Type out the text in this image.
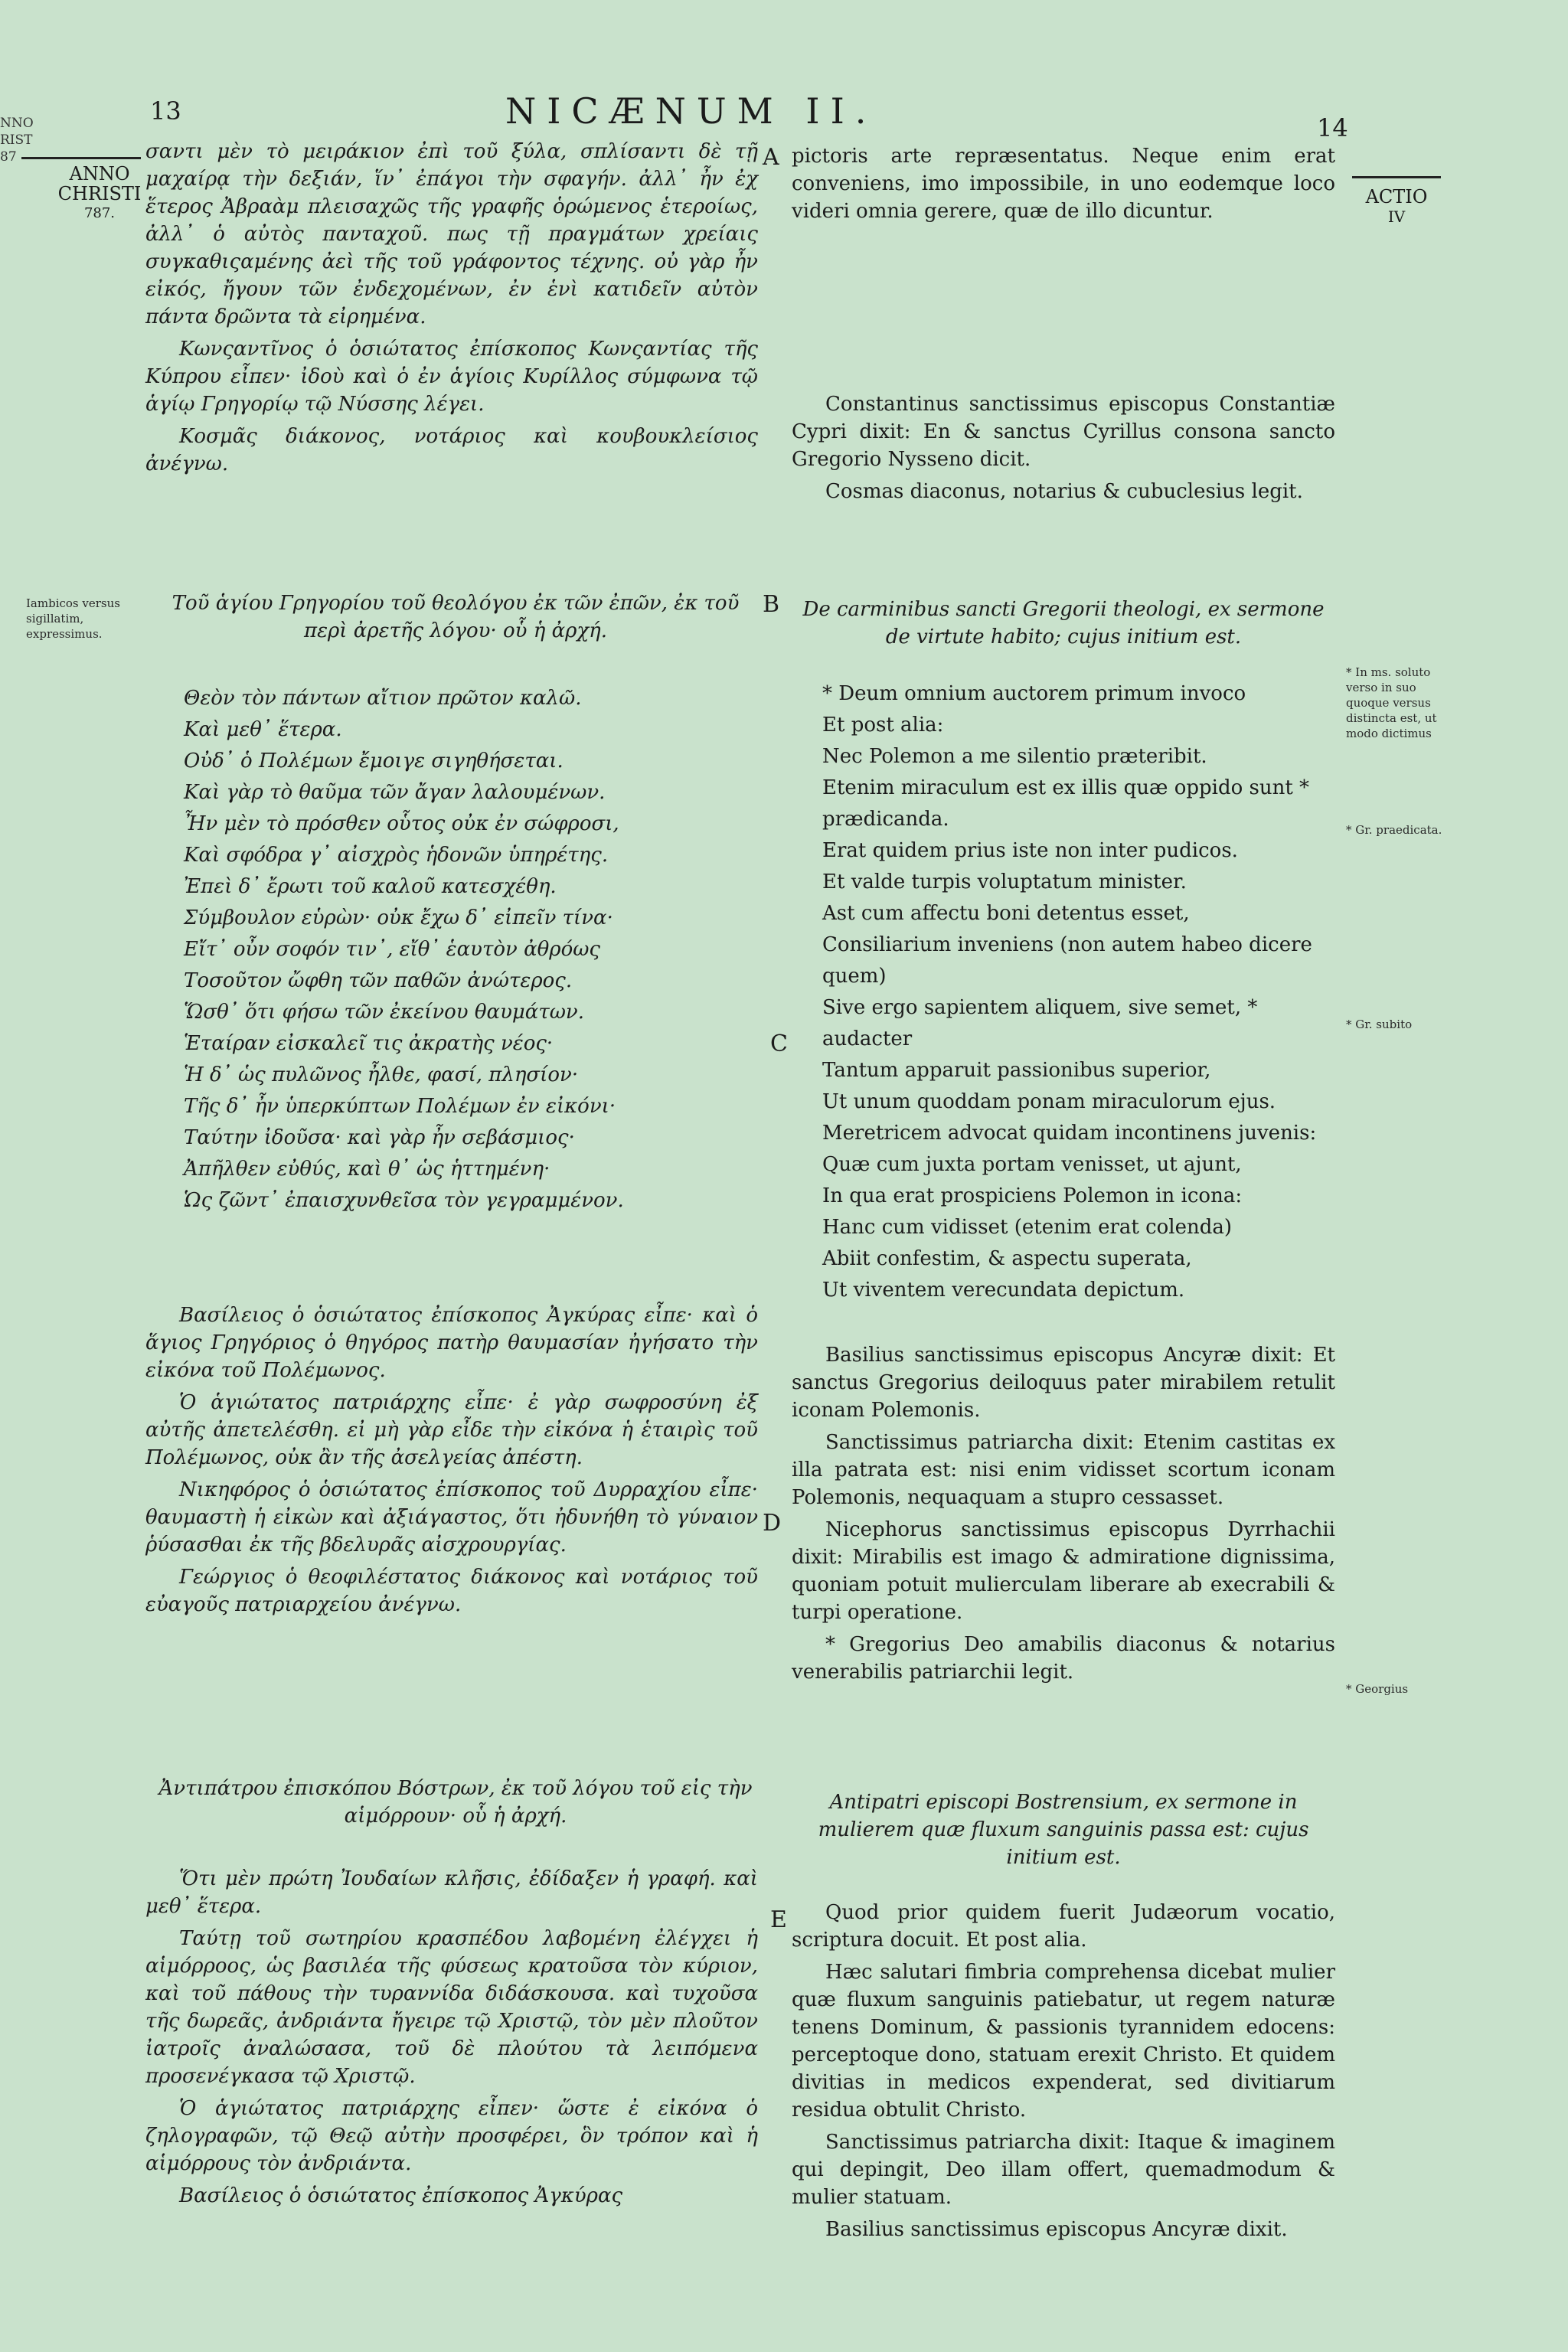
NNO
RIST
87
13	NICÆNUM II.	14
ANNO
CHRISTI
787.
Iambicos versus sigillatim, expressimus.
ACTIO
IV
* In ms. soluto verso in suo quoque versus distincta est, ut modo dictimus
* Gr. praedicata.
* Gr. subito
* Georgius
A
B
C
D
E

σαντι μὲν τὸ μειράκιον ἐπὶ τοῦ ξύλα, σπλίσαντι δὲ τῇ μαχαίρᾳ τὴν δεξιάν, ἵν᾽ ἐπάγοι τὴν σφαγήν. ἀλλ᾽ ἦν ἐχ ἕτερος Ἀβραὰμ πλεισαχῶς τῆς γραφῆς ὁρώμενος ἑτεροίως, ἀλλ᾽ ὁ αὐτὸς πανταχοῦ. πως τῇ πραγμάτων χρείαις συγκαθιςαμένης ἀεὶ τῆς τοῦ γράφοντος τέχνης. οὐ γὰρ ἦν εἰκός, ἤγουν τῶν ἐνδεχομένων, ἐν ἑνὶ κατιδεῖν αὐτὸν πάντα δρῶντα τὰ εἰρημένα.

Κωνςαντῖνος ὁ ὁσιώτατος ἐπίσκοπος Κωνςαντίας τῆς Κύπρου εἶπεν· ἰδοὺ καὶ ὁ ἐν ἁγίοις Κυρίλλος σύμφωνα τῷ ἁγίῳ Γρηγορίῳ τῷ Νύσσης λέγει.

Κοσμᾶς διάκονος, νοτάριος καὶ κουβουκλείσιος ἀνέγνω.

Τοῦ ἁγίου Γρηγορίου τοῦ θεολόγου ἐκ τῶν ἐπῶν, ἐκ τοῦ περὶ ἀρετῆς λόγου· οὗ ἡ ἀρχή.
Θεὸν τὸν πάντων αἴτιον πρῶτον καλῶ.
Καὶ μεθ᾽ ἕτερα.
Οὐδ᾽ ὁ Πολέμων ἔμοιγε σιγηθήσεται.
Καὶ γὰρ τὸ θαῦμα τῶν ἄγαν λαλουμένων.
Ἦν μὲν τὸ πρόσθεν οὗτος οὐκ ἐν σώφροσι,
Καὶ σφόδρα γ᾽ αἰσχρὸς ἡδονῶν ὑπηρέτης.
Ἐπεὶ δ᾽ ἔρωτι τοῦ καλοῦ κατεσχέθη.
Σύμβουλον εὑρὼν· οὐκ ἔχω δ᾽ εἰπεῖν τίνα·
Εἴτ᾽ οὖν σοφόν τιν᾽, εἴθ᾽ ἑαυτὸν ἀθρόως
Τοσοῦτον ὤφθη τῶν παθῶν ἀνώτερος.
Ὥσθ᾽ ὅτι φήσω τῶν ἐκείνου θαυμάτων.
Ἑταίραν εἰσκαλεῖ τις ἀκρατὴς νέος·
Ἡ δ᾽ ὡς πυλῶνος ἦλθε, φασί, πλησίον·
Τῆς δ᾽ ἦν ὑπερκύπτων Πολέμων ἐν εἰκόνι·
Ταύτην ἰδοῦσα· καὶ γὰρ ἦν σεβάσμιος·
Ἀπῆλθεν εὐθύς, καὶ θ᾽ ὡς ἡττημένη·
Ὡς ζῶντ᾽ ἐπαισχυνθεῖσα τὸν γεγραμμένον.

Βασίλειος ὁ ὁσιώτατος ἐπίσκοπος Ἀγκύρας εἶπε· καὶ ὁ ἅγιος Γρηγόριος ὁ θηγόρος πατὴρ θαυμασίαν ἠγήσατο τὴν εἰκόνα τοῦ Πολέμωνος.

Ὁ ἁγιώτατος πατριάρχης εἶπε· ἐ γὰρ σωφροσύνη ἐξ αὐτῆς ἀπετελέσθη. εἰ μὴ γὰρ εἶδε τὴν εἰκόνα ἡ ἑταιρὶς τοῦ Πολέμωνος, οὐκ ἂν τῆς ἀσελγείας ἀπέστη.

Νικηφόρος ὁ ὁσιώτατος ἐπίσκοπος τοῦ Δυρραχίου εἶπε· θαυμαστὴ ἡ εἰκὼν καὶ ἀξιάγαστος, ὅτι ἠδυνήθη τὸ γύναιον ῥύσασθαι ἐκ τῆς βδελυρᾶς αἰσχρουργίας.

Γεώργιος ὁ θεοφιλέστατος διάκονος καὶ νοτάριος τοῦ εὐαγοῦς πατριαρχείου ἀνέγνω.

Ἀντιπάτρου ἐπισκόπου Βόστρων, ἐκ τοῦ λόγου τοῦ εἰς τὴν αἱμόρρουν· οὗ ἡ ἀρχή.

Ὅτι μὲν πρώτη Ἰουδαίων κλῆσις, ἐδίδαξεν ἡ γραφή. καὶ μεθ᾽ ἕτερα.

Ταύτῃ τοῦ σωτηρίου κρασπέδου λαβομένη ἐλέγχει ἡ αἱμόρροος, ὡς βασιλέα τῆς φύσεως κρατοῦσα τὸν κύριον, καὶ τοῦ πάθους τὴν τυραννίδα διδάσκουσα. καὶ τυχοῦσα τῆς δωρεᾶς, ἀνδριάντα ἤγειρε τῷ Χριστῷ, τὸν μὲν πλοῦτον ἰατροῖς ἀναλώσασα, τοῦ δὲ πλούτου τὰ λειπόμενα προσενέγκασα τῷ Χριστῷ.

Ὁ ἁγιώτατος πατριάρχης εἶπεν· ὥστε ἐ εἰκόνα ὁ ζηλογραφῶν, τῷ Θεῷ αὐτὴν προσφέρει, ὃν τρόπον καὶ ἡ αἱμόρρους τὸν ἀνδριάντα.

Βασίλειος ὁ ὁσιώτατος ἐπίσκοπος Ἀγκύρας

pictoris arte repræsentatus. Neque enim erat conveniens, imo impossibile, in uno eodemque loco videri omnia gerere, quæ de illo dicuntur.

Constantinus sanctissimus episcopus Constantiæ Cypri dixit: En & sanctus Cyrillus consona sancto Gregorio Nysseno dicit.

Cosmas diaconus, notarius & cubuclesius legit.

De carminibus sancti Gregorii theologi, ex sermone de virtute habito; cujus initium est.
* Deum omnium auctorem primum invoco
Et post alia:
Nec Polemon a me silentio præteribit.
Etenim miraculum est ex illis quæ oppido sunt * prædicanda.
Erat quidem prius iste non inter pudicos.
Et valde turpis voluptatum minister.
Ast cum affectu boni detentus esset,
Consiliarium inveniens (non autem habeo dicere quem)
Sive ergo sapientem aliquem, sive semet, * audacter
Tantum apparuit passionibus superior,
Ut unum quoddam ponam miraculorum ejus.
Meretricem advocat quidam incontinens juvenis:
Quæ cum juxta portam venisset, ut ajunt,
In qua erat prospiciens Polemon in icona:
Hanc cum vidisset (etenim erat colenda)
Abiit confestim, & aspectu superata,
Ut viventem verecundata depictum.

Basilius sanctissimus episcopus Ancyræ dixit: Et sanctus Gregorius deiloquus pater mirabilem retulit iconam Polemonis.

Sanctissimus patriarcha dixit: Etenim castitas ex illa patrata est: nisi enim vidisset scortum iconam Polemonis, nequaquam a stupro cessasset.

Nicephorus sanctissimus episcopus Dyrrhachii dixit: Mirabilis est imago & admiratione dignissima, quoniam potuit mulierculam liberare ab execrabili & turpi operatione.

* Gregorius Deo amabilis diaconus & notarius venerabilis patriarchii legit.

Antipatri episcopi Bostrensium, ex sermone in mulierem quæ fluxum sanguinis passa est: cujus initium est.

Quod prior quidem fuerit Judæorum vocatio, scriptura docuit. Et post alia.

Hæc salutari fimbria comprehensa dicebat mulier quæ fluxum sanguinis patiebatur, ut regem naturæ tenens Dominum, & passionis tyrannidem edocens: perceptoque dono, statuam erexit Christo. Et quidem divitias in medicos expenderat, sed divitiarum residua obtulit Christo.

Sanctissimus patriarcha dixit: Itaque & imaginem qui depingit, Deo illam offert, quemadmodum & mulier statuam.

Basilius sanctissimus episcopus Ancyræ dixit.
